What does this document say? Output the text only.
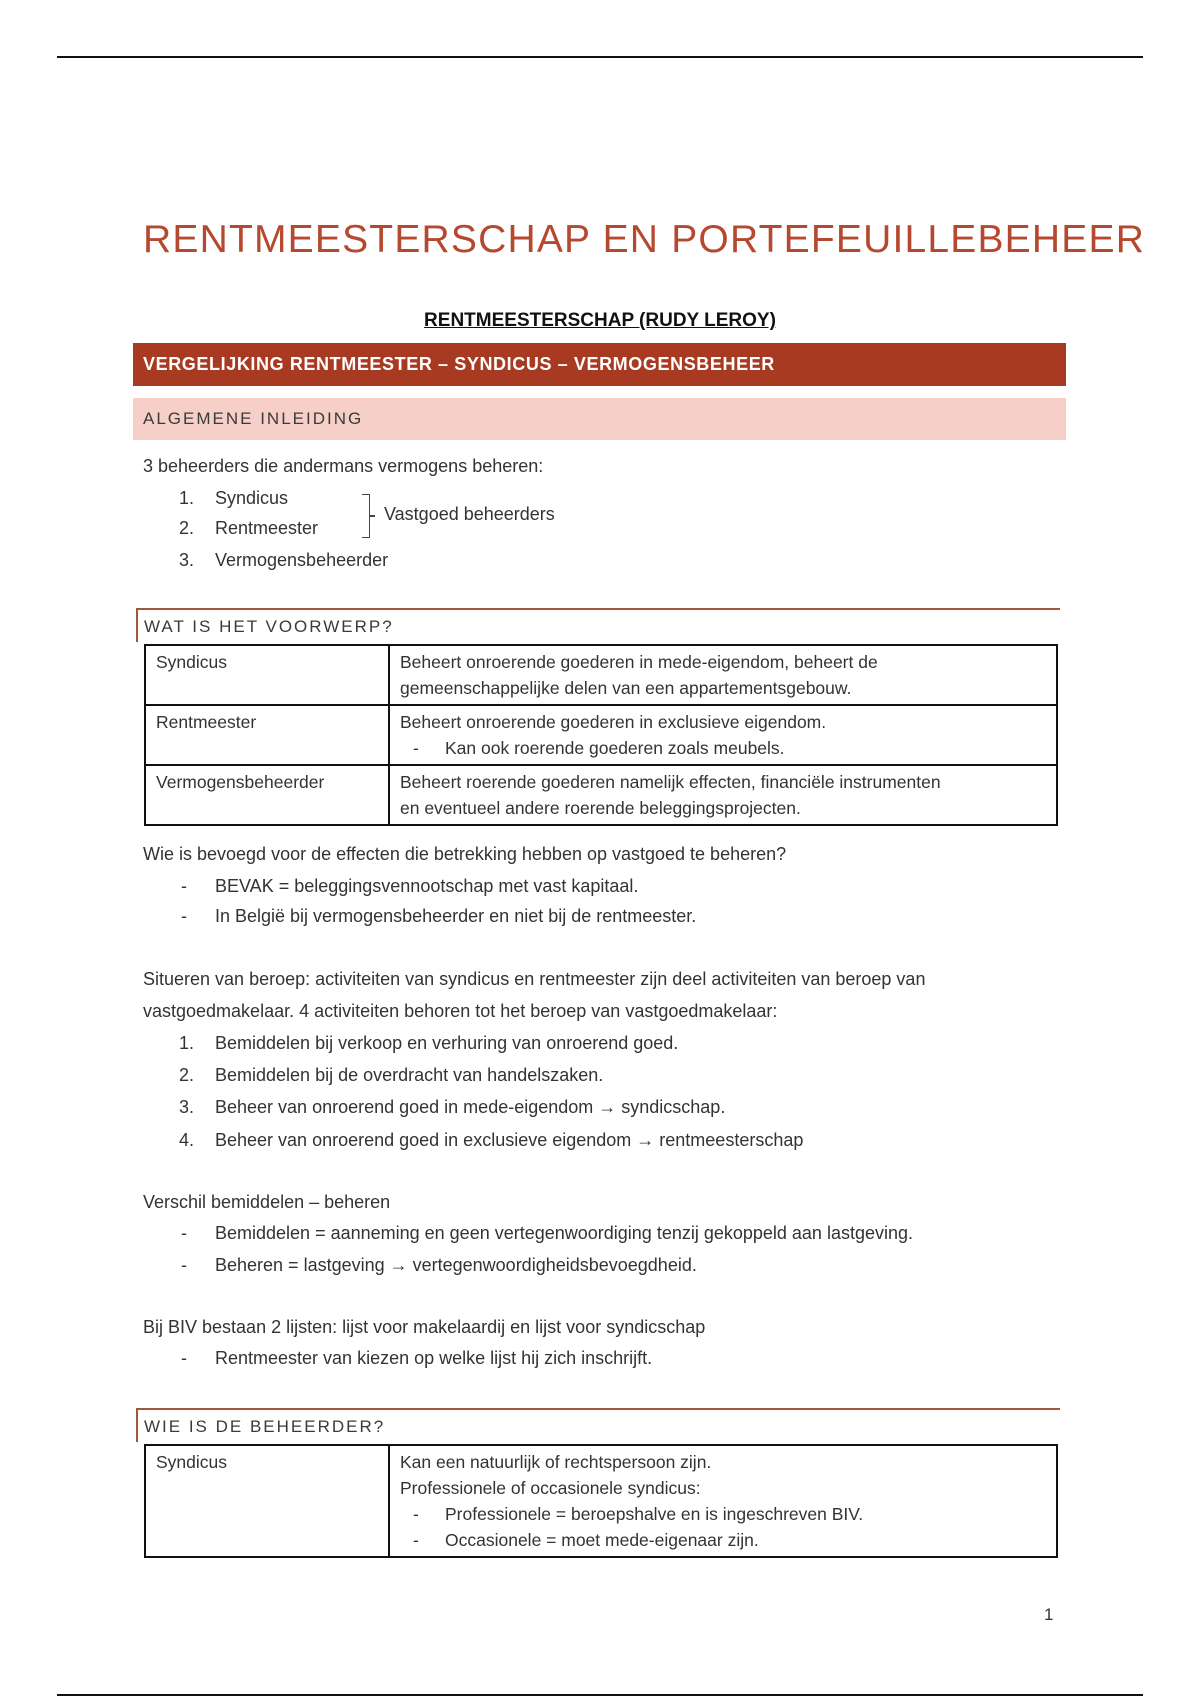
RENTMEESTERSCHAP EN PORTEFEUILLEBEHEER
RENTMEESTERSCHAP (RUDY LEROY)
VERGELIJKING RENTMEESTER – SYNDICUS – VERMOGENSBEHEER
ALGEMENE INLEIDING
3 beheerders die andermans vermogens beheren:
1. Syndicus
2. Rentmeester
3. Vermogensbeheerder
Vastgoed beheerders
WAT IS HET VOORWERP?
Syndicus	Beheert onroerende goederen in mede-eigendom, beheert de
gemeenschappelijke delen van een appartementsgebouw.

Rentmeester	Beheert onroerende goederen in exclusieve eigendom.
- Kan ook roerende goederen zoals meubels.

Vermogensbeheerder	Beheert roerende goederen namelijk effecten, financiële instrumenten
en eventueel andere roerende beleggingsprojecten.
Wie is bevoegd voor de effecten die betrekking hebben op vastgoed te beheren?
- BEVAK = beleggingsvennootschap met vast kapitaal.
- In België bij vermogensbeheerder en niet bij de rentmeester.
Situeren van beroep: activiteiten van syndicus en rentmeester zijn deel activiteiten van beroep van
vastgoedmakelaar. 4 activiteiten behoren tot het beroep van vastgoedmakelaar:
1. Bemiddelen bij verkoop en verhuring van onroerend goed.
2. Bemiddelen bij de overdracht van handelszaken.
3. Beheer van onroerend goed in mede-eigendom → syndicschap.
4. Beheer van onroerend goed in exclusieve eigendom → rentmeesterschap
Verschil bemiddelen – beheren
- Bemiddelen = aanneming en geen vertegenwoordiging tenzij gekoppeld aan lastgeving.
- Beheren = lastgeving → vertegenwoordigheidsbevoegdheid.
Bij BIV bestaan 2 lijsten: lijst voor makelaardij en lijst voor syndicschap
- Rentmeester van kiezen op welke lijst hij zich inschrijft.
WIE IS DE BEHEERDER?
Syndicus	Kan een natuurlijk of rechtspersoon zijn.
Professionele of occasionele syndicus:
- Professionele = beroepshalve en is ingeschreven BIV.
- Occasionele = moet mede-eigenaar zijn.
1
